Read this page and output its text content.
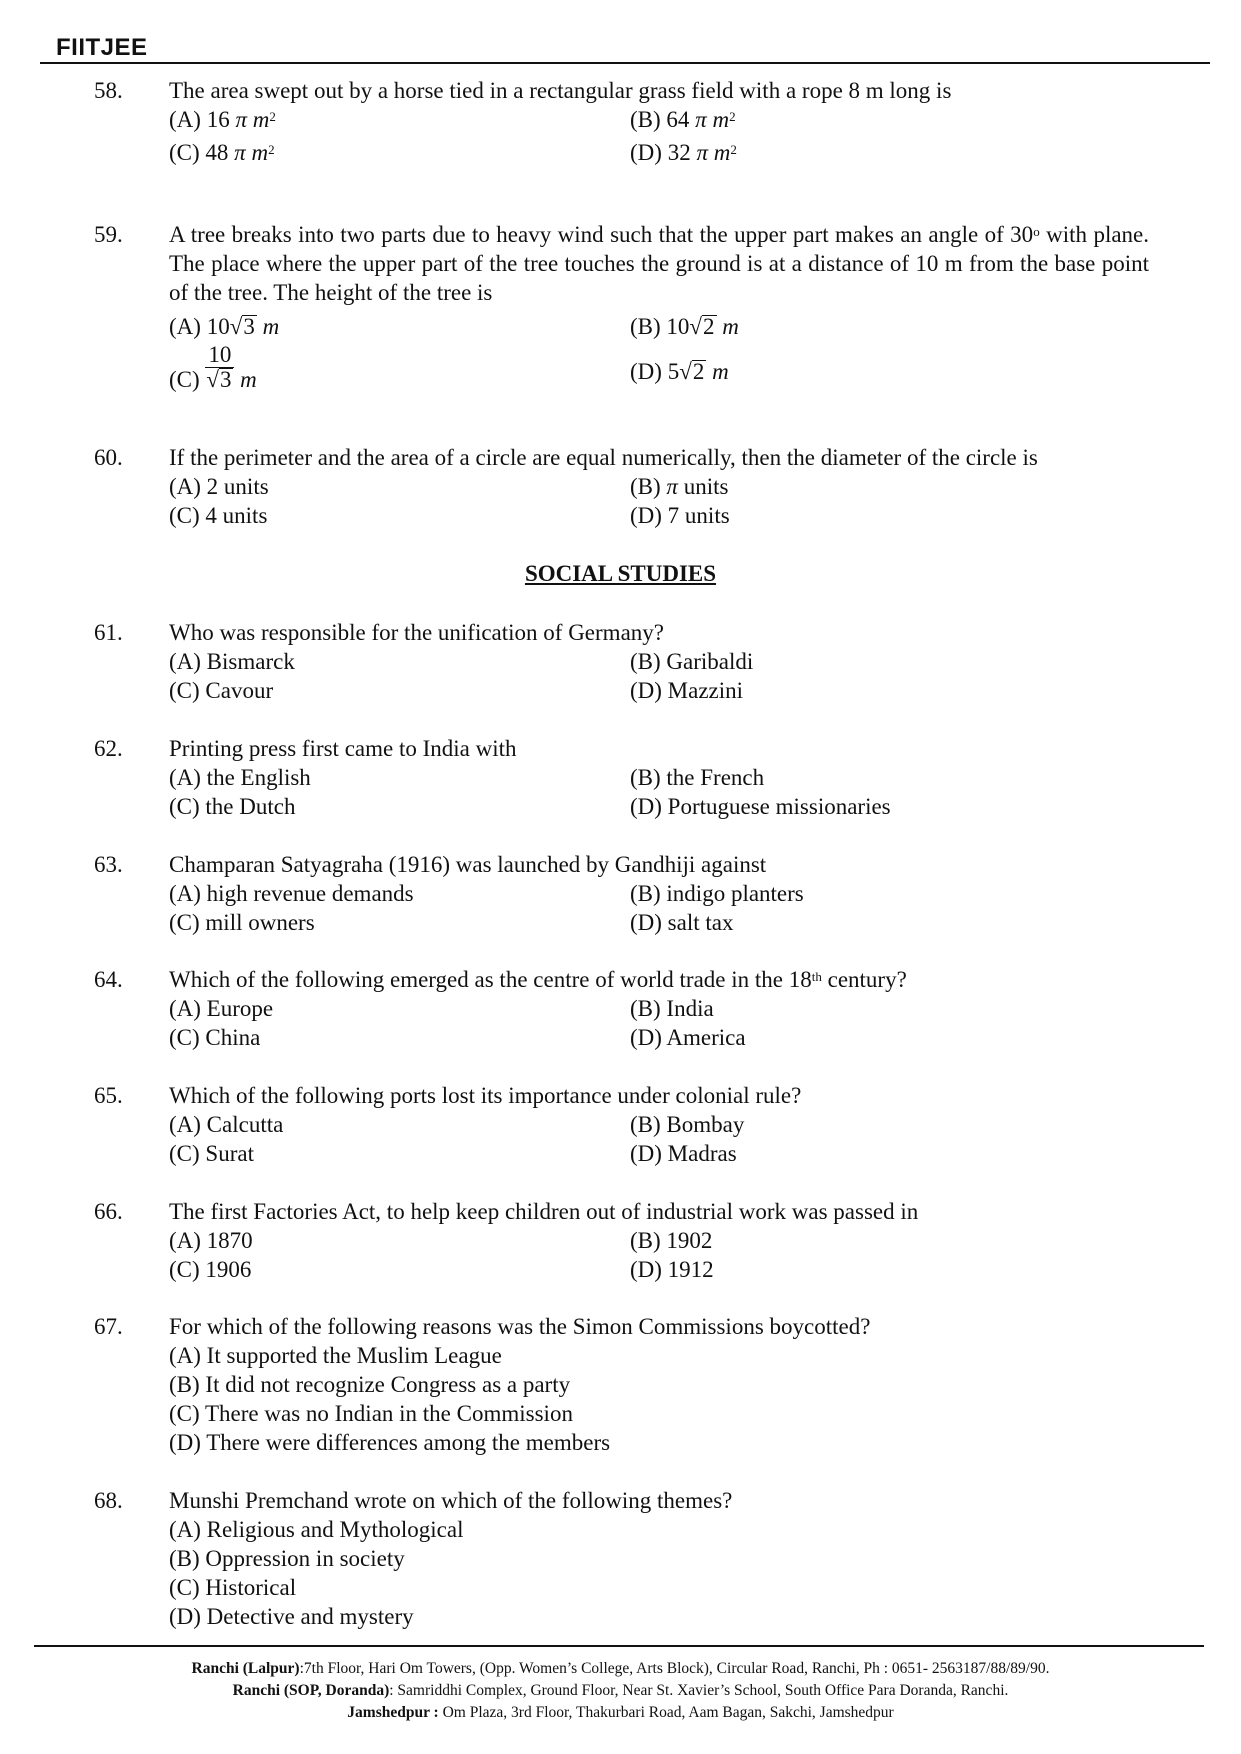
FIITJEE
58. The area swept out by a horse tied in a rectangular grass field with a rope 8 m long is
(A) 16 π $m^2$	(B) 64 π $m^2$
(C) 48 π $m^2$	(D) 32 π $m^2$
59. A tree breaks into two parts due to heavy wind such that the upper part makes an angle of 30$^o$ with plane. The place where the upper part of the tree touches the ground is at a distance of 10 m from the base point of the tree. The height of the tree is
(A) 10√3 m	(B) 10√2 m
$(C) \frac{10}{√3}$ m	(D) 5√2 m
60. If the perimeter and the area of a circle are equal numerically, then the diameter of the circle is
(A) 2 units	(B) π units
(C) 4 units	(D) 7 units
SOCIAL STUDIES
61. Who was responsible for the unification of Germany?
(A) Bismarck	(B) Garibaldi
(C) Cavour	(D) Mazzini
62. Printing press first came to India with
(A) the English	(B) the French
(C) the Dutch	(D) Portuguese missionaries
63. Champaran Satyagraha (1916) was launched by Gandhiji against
(A) high revenue demands	(B) indigo planters
(C) mill owners	(D) salt tax
64. Which of the following emerged as the centre of world trade in the 18th century?
(A) Europe	(B) India
(C) China	(D) America
65. Which of the following ports lost its importance under colonial rule?
(A) Calcutta	(B) Bombay
(C) Surat	(D) Madras
66. The first Factories Act, to help keep children out of industrial work was passed in
(A) 1870	(B) 1902
(C) 1906	(D) 1912
67. For which of the following reasons was the Simon Commissions boycotted?
(A) It supported the Muslim League
(B) It did not recognize Congress as a party
(C) There was no Indian in the Commission
(D) There were differences among the members
68. Munshi Premchand wrote on which of the following themes?
(A) Religious and Mythological
(B) Oppression in society
(C) Historical
(D) Detective and mystery
Ranchi (Lalpur):7th Floor, Hari Om Towers, (Opp. Women’s College, Arts Block), Circular Road, Ranchi, Ph : 0651- 2563187/88/89/90.
Ranchi (SOP, Doranda): Samriddhi Complex, Ground Floor, Near St. Xavier’s School, South Office Para Doranda, Ranchi.
Jamshedpur : Om Plaza, 3rd Floor, Thakurbari Road, Aam Bagan, Sakchi, Jamshedpur
